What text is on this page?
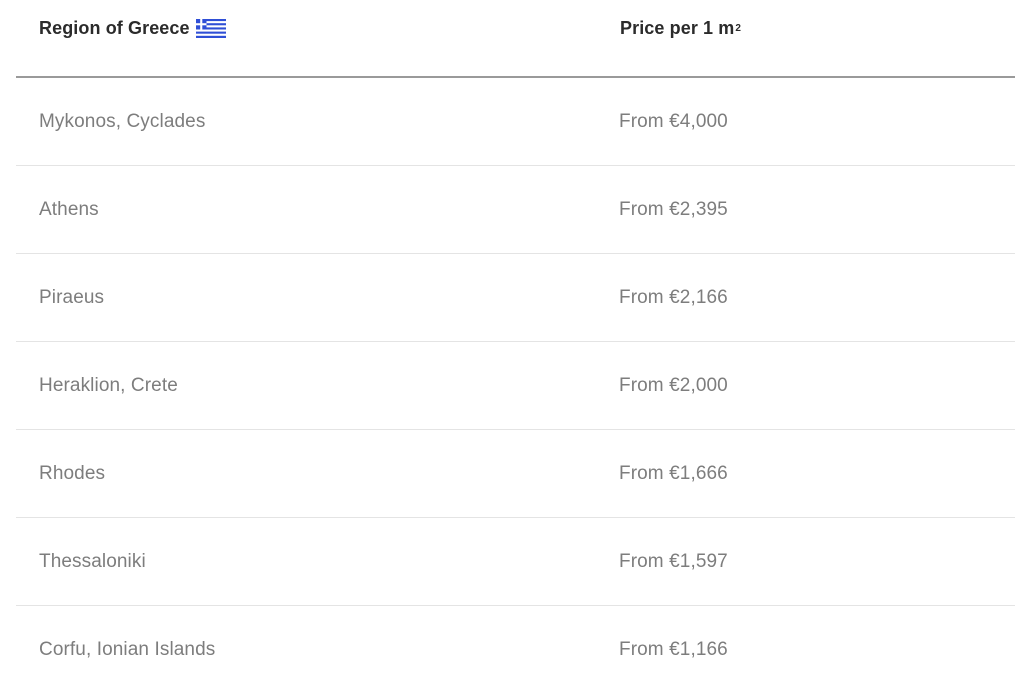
Region of Greece	Price per 1 m 2
Mykonos, Cyclades	From €4,000
Athens	From €2,395
Piraeus	From €2,166
Heraklion, Crete	From €2,000
Rhodes	From €1,666
Thessaloniki	From €1,597
Corfu, Ionian Islands	From €1,166
